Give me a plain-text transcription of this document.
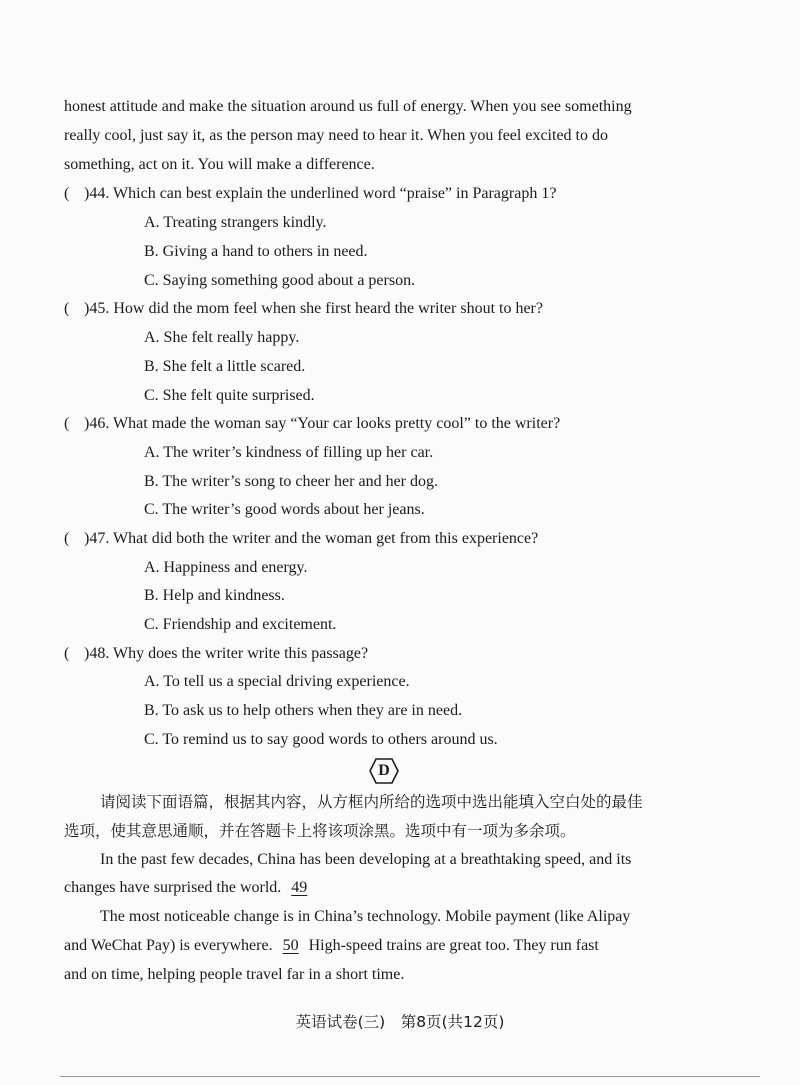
honest attitude and make the situation around us full of energy. When you see something
really cool, just say it, as the person may need to hear it. When you feel excited to do
something, act on it. You will make a difference.
( )44. Which can best explain the underlined word “praise” in Paragraph 1?
A. Treating strangers kindly.
B. Giving a hand to others in need.
C. Saying something good about a person.
( )45. How did the mom feel when she first heard the writer shout to her?
A. She felt really happy.
B. She felt a little scared.
C. She felt quite surprised.
( )46. What made the woman say “Your car looks pretty cool” to the writer?
A. The writer’s kindness of filling up her car.
B. The writer’s song to cheer her and her dog.
C. The writer’s good words about her jeans.
( )47. What did both the writer and the woman get from this experience?
A. Happiness and energy.
B. Help and kindness.
C. Friendship and excitement.
( )48. Why does the writer write this passage?
A. To tell us a special driving experience.
B. To ask us to help others when they are in need.
C. To remind us to say good words to others around us.
D
请阅读下面语篇，根据其内容，从方框内所给的选项中选出能填入空白处的最佳
选项，使其意思通顺，并在答题卡上将该项涂黑。选项中有一项为多余项。
In the past few decades, China has been developing at a breathtaking speed, and its
changes have surprised the world. 49
The most noticeable change is in China’s technology. Mobile payment (like Alipay
and WeChat Pay) is everywhere. 50 High-speed trains are great too. They run fast
and on time, helping people travel far in a short time.
英语试卷(三)　第8页(共12页)
